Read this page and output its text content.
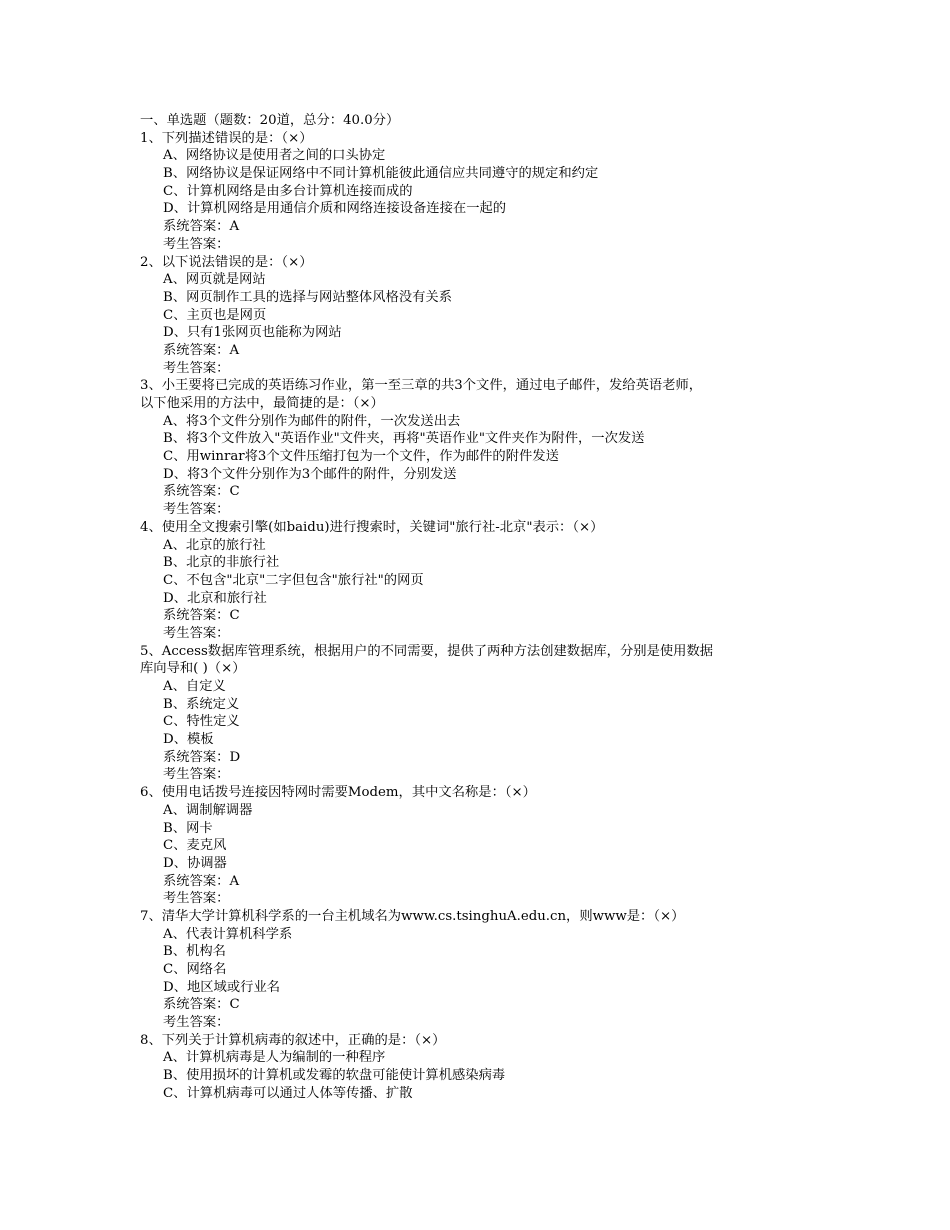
一、单选题（题数：20道，总分：40.0分）
1、下列描述错误的是：（×）
A、网络协议是使用者之间的口头协定
B、网络协议是保证网络中不同计算机能彼此通信应共同遵守的规定和约定
C、计算机网络是由多台计算机连接而成的
D、计算机网络是用通信介质和网络连接设备连接在一起的
系统答案：A
考生答案：
2、以下说法错误的是：（×）
A、网页就是网站
B、网页制作工具的选择与网站整体风格没有关系
C、主页也是网页
D、只有1张网页也能称为网站
系统答案：A
考生答案：
3、小王要将已完成的英语练习作业，第一至三章的共3个文件，通过电子邮件，发给英语老师，
以下他采用的方法中，最简捷的是：（×）
A、将3个文件分别作为邮件的附件，一次发送出去
B、将3个文件放入"英语作业"文件夹，再将"英语作业"文件夹作为附件，一次发送
C、用winrar将3个文件压缩打包为一个文件，作为邮件的附件发送
D、将3个文件分别作为3个邮件的附件，分别发送
系统答案：C
考生答案：
4、使用全文搜索引擎(如baidu)进行搜索时，关键词"旅行社-北京"表示：（×）
A、北京的旅行社
B、北京的非旅行社
C、不包含"北京"二字但包含"旅行社"的网页
D、北京和旅行社
系统答案：C
考生答案：
5、Access数据库管理系统，根据用户的不同需要，提供了两种方法创建数据库，分别是使用数据
库向导和( )（×）
A、自定义
B、系统定义
C、特性定义
D、模板
系统答案：D
考生答案：
6、使用电话拨号连接因特网时需要Modem，其中文名称是：（×）
A、调制解调器
B、网卡
C、麦克风
D、协调器
系统答案：A
考生答案：
7、清华大学计算机科学系的一台主机域名为www.cs.tsinghuA.edu.cn，则www是：（×）
A、代表计算机科学系
B、机构名
C、网络名
D、地区域或行业名
系统答案：C
考生答案：
8、下列关于计算机病毒的叙述中，正确的是：（×）
A、计算机病毒是人为编制的一种程序
B、使用损坏的计算机或发霉的软盘可能使计算机感染病毒
C、计算机病毒可以通过人体等传播、扩散
